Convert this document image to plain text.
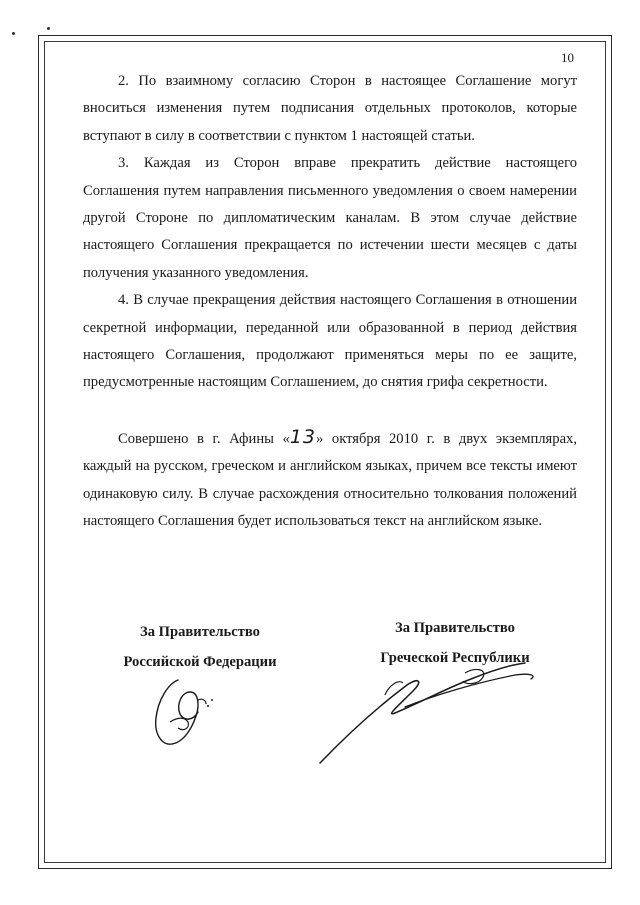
10

2. По взаимному согласию Сторон в настоящее Соглашение могут вноситься изменения путем подписания отдельных протоколов, которые вступают в силу в соответствии с пунктом 1 настоящей статьи.

3. Каждая из Сторон вправе прекратить действие настоящего Соглашения путем направления письменного уведомления о своем намерении другой Стороне по дипломатическим каналам. В этом случае действие настоящего Соглашения прекращается по истечении шести месяцев с даты получения указанного уведомления.

4. В случае прекращения действия настоящего Соглашения в отношении секретной информации, переданной или образованной в период действия настоящего Соглашения, продолжают применяться меры по ее защите, предусмотренные настоящим Соглашением, до снятия грифа секретности.

Совершено в г. Афины «13» октября 2010 г. в двух экземплярах, каждый на русском, греческом и английском языках, причем все тексты имеют одинаковую силу. В случае расхождения относительно толкования положений настоящего Соглашения будет использоваться текст на английском языке.

За Правительство
Российской Федерации
За Правительство
Греческой Республики
